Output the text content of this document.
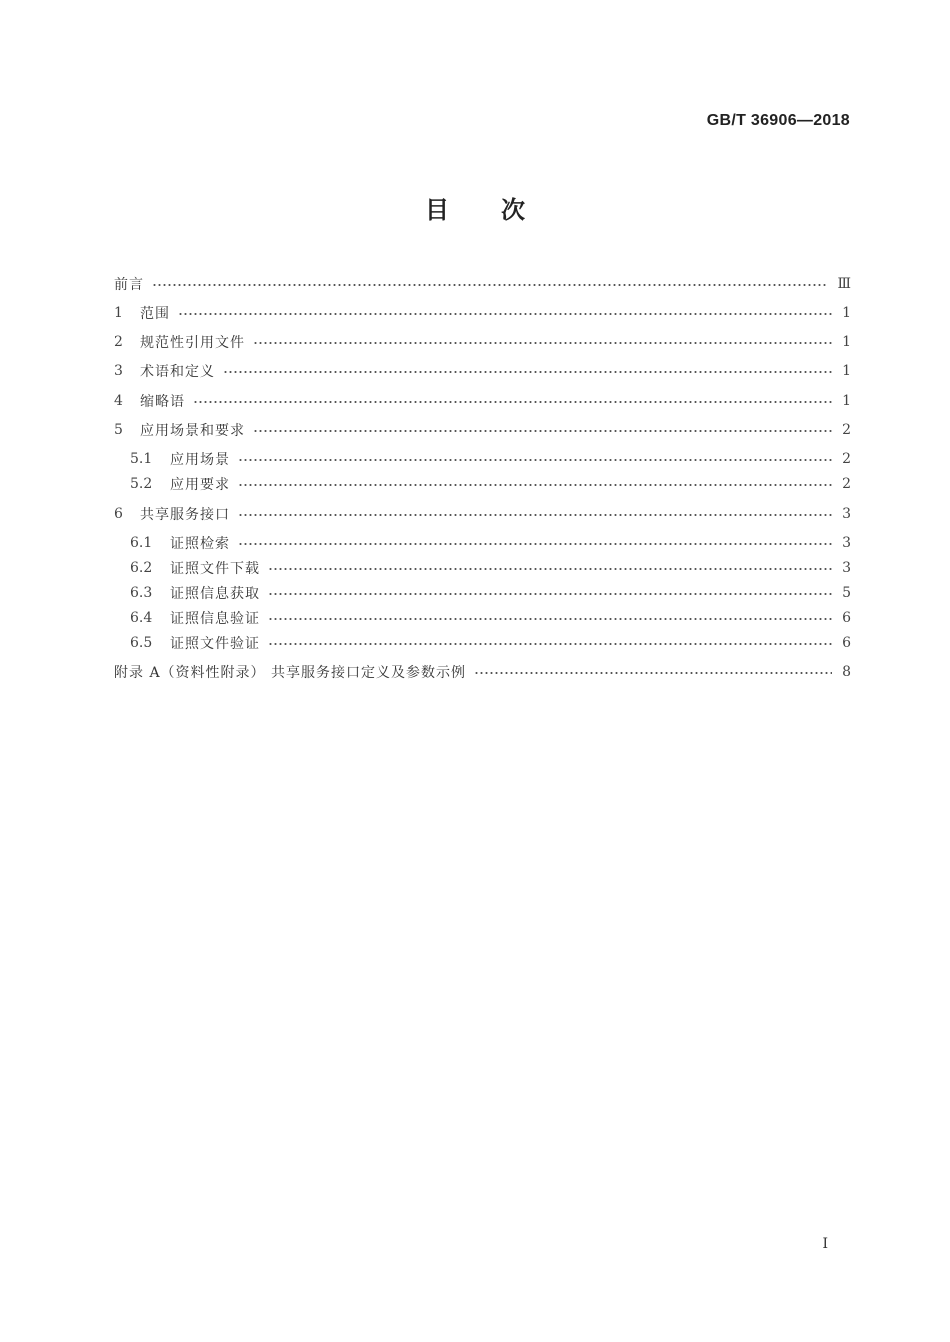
GB/T 36906—2018
目 次
前言	Ⅲ
1	范围	1
2	规范性引用文件	1
3	术语和定义	1
4	缩略语	1
5	应用场景和要求	2
5.1	应用场景	2
5.2	应用要求	2
6	共享服务接口	3
6.1	证照检索	3
6.2	证照文件下载	3
6.3	证照信息获取	5
6.4	证照信息验证	6
6.5	证照文件验证	6
附录 A（资料性附录） 共享服务接口定义及参数示例	8
Ⅰ
